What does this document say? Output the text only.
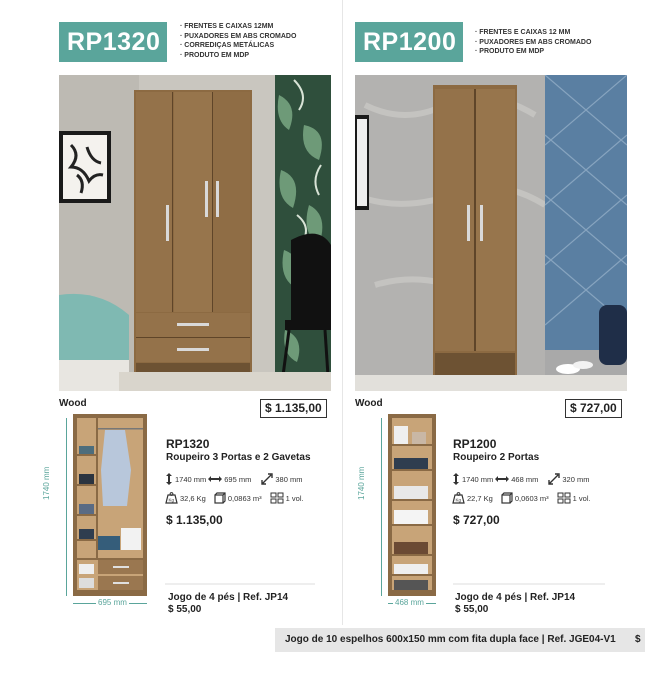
RP1320
· FRENTES E CAIXAS 12MM
· PUXADORES EM ABS CROMADO
· CORREDIÇAS METÁLICAS
· PRODUTO EM MDP
Wood	$ 1.135,00
1740 mm
695 mm
RP1320
Roupeiro 3 Portas e 2 Gavetas
1740 mm 695 mm	380 mm
Kg 32,6 Kg	0,0863 m³	1 vol.
$ 1.135,00
Jogo de 4 pés | Ref. JP14
$ 55,00
RP1200
·	FRENTES E CAIXAS 12 MM
· PUXADORES EM ABS CROMADO
· PRODUTO EM MDP
Wood	$ 727,00
1740 mm
468 mm
RP1200
Roupeiro 2 Portas
1740 mm 468 mm	320 mm
Kg 22,7 Kg	0,0603 m³	1 vol.
$ 727,00
Jogo de 4 pés | Ref. JP14
$ 55,00
Jogo de 10 espelhos 600x150 mm com fita dupla face | Ref. JGE04-V1 $
